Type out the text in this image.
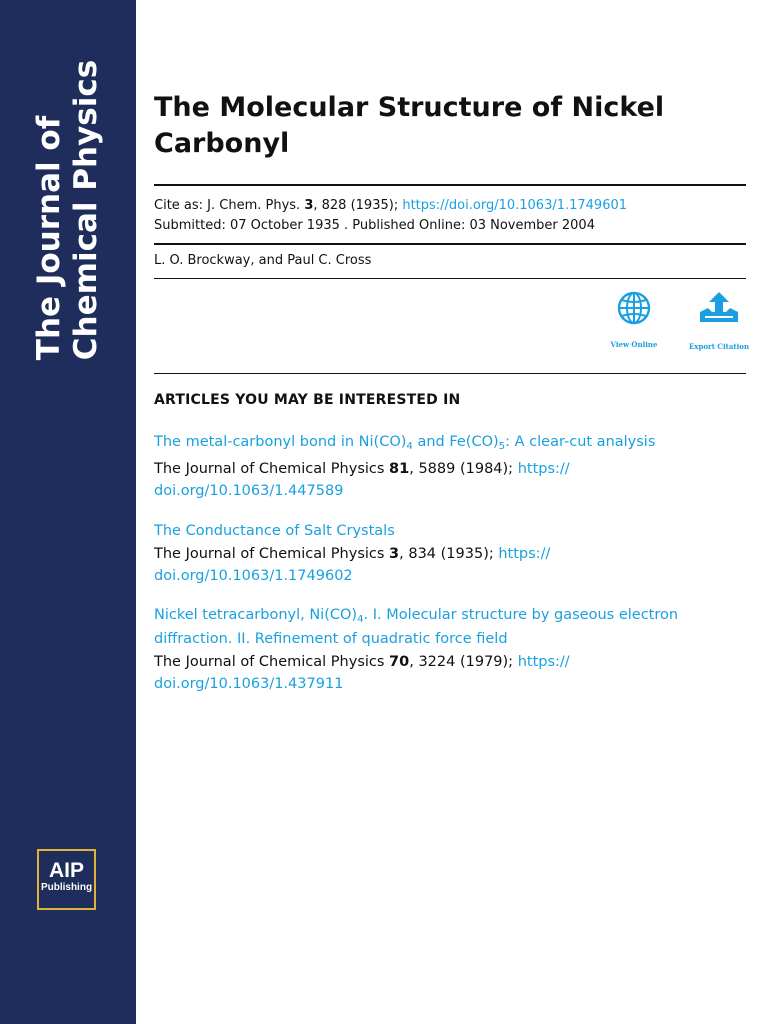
The Journal of Chemical Physics
AIP
Publishing
The Molecular Structure of Nickel Carbonyl
Cite as: J. Chem. Phys. 3, 828 (1935); https://doi.org/10.1063/1.1749601
Submitted: 07 October 1935 . Published Online: 03 November 2004
L. O. Brockway, and Paul C. Cross
View Online	Export Citation
ARTICLES YOU MAY BE INTERESTED IN
The metal-carbonyl bond in $Ni(CO)_4$ and $Fe(CO)_5$: A clear-cut analysis
The Journal of Chemical Physics 81, 5889 (1984); https://
doi.org/10.1063/1.447589
The Conductance of Salt Crystals
The Journal of Chemical Physics 3, 834 (1935); https://
doi.org/10.1063/1.1749602
Nickel tetracarbonyl, $Ni(CO)_4$. I. Molecular structure by gaseous electron
diffraction. II. Refinement of quadratic force field
The Journal of Chemical Physics 70, 3224 (1979); https://
doi.org/10.1063/1.437911
